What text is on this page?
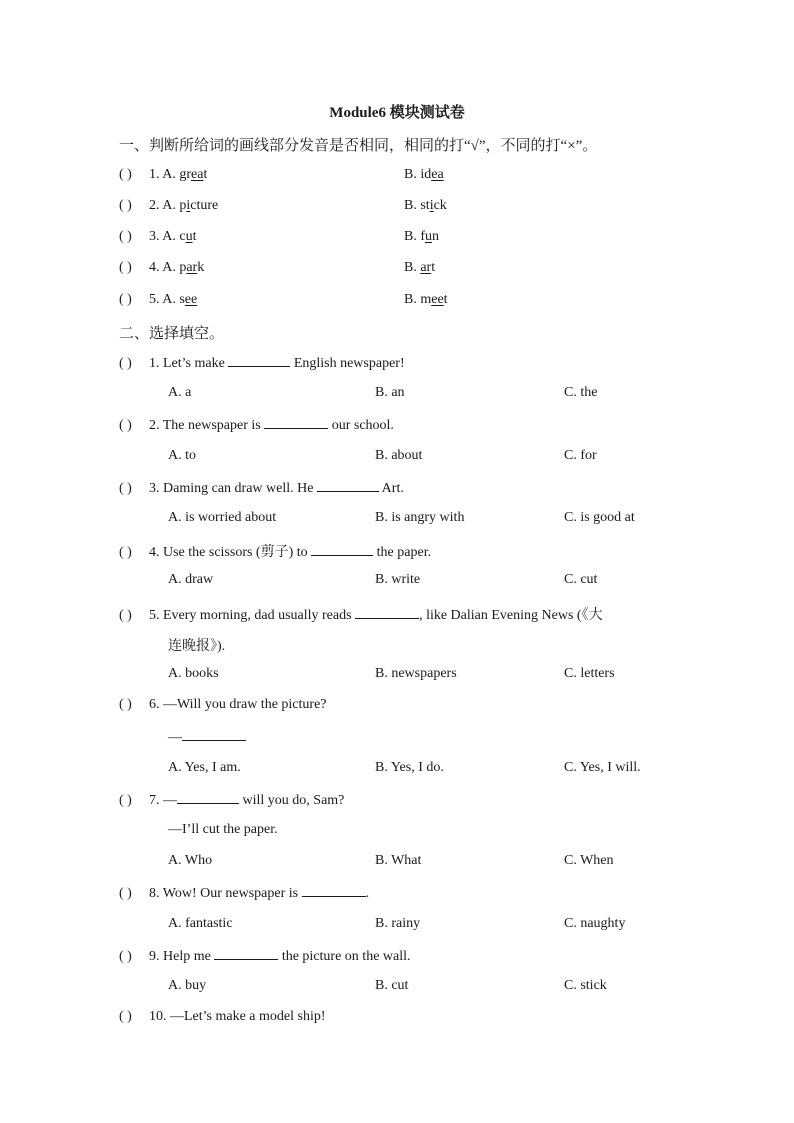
Module6 模块测试卷
一、判断所给词的画线部分发音是否相同，相同的打“√”，不同的打“×”。
( ) 1. A. great	B. idea
( ) 2. A. picture	B. stick
( ) 3. A. cut	B. fun
( ) 4. A. park	B. art
( ) 5. A. see	B. meet
二、选择填空。
( ) 1. Let’s make	English newspaper!
A. a	B. an	C. the
( ) 2. The newspaper is	our school.
A. to	B. about	C. for
( ) 3. Daming can draw well. He	Art.
A. is worried about	B. is angry with	C. is good at
( ) 4. Use the scissors (剪子) to	the paper.
A. draw	B. write	C. cut
( ) 5. Every morning, dad usually reads	, like Dalian Evening News (《大
连晚报》).
A. books	B. newspapers	C. letters
( ) 6. —Will you draw the picture?
—
A. Yes, I am.	B. Yes, I do.	C. Yes, I will.
( ) 7. —	will you do, Sam?
—I’ll cut the paper.
A. Who	B. What	C. When
( ) 8. Wow! Our newspaper is	.
A. fantastic	B. rainy	C. naughty
( ) 9. Help me	the picture on the wall.
A. buy	B. cut	C. stick
( ) 10. —Let’s make a model ship!
